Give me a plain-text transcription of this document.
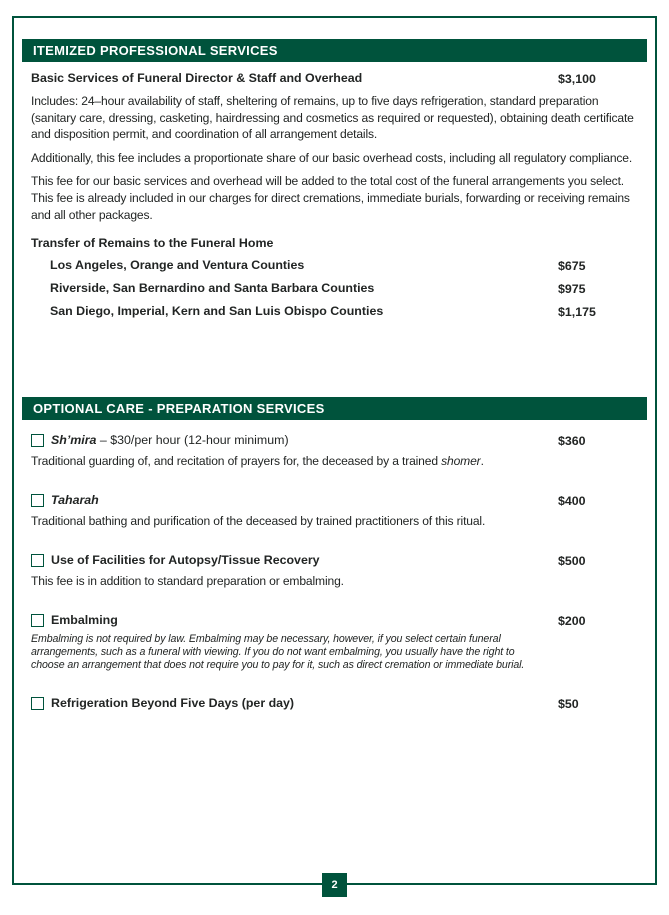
ITEMIZED PROFESSIONAL SERVICES
Basic Services of Funeral Director & Staff and Overhead	$3,100

Includes: 24–hour availability of staff, sheltering of remains, up to five days refrigeration, standard preparation (sanitary care, dressing, casketing, hairdressing and cosmetics as required or requested), obtaining death certificate and disposition permit, and coordination of all arrangement details.

Additionally, this fee includes a proportionate share of our basic overhead costs, including all regulatory compliance.

This fee for our basic services and overhead will be added to the total cost of the funeral arrangements you select. This fee is already included in our charges for direct cremations, immediate burials, forwarding or receiving remains and all other packages.

Transfer of Remains to the Funeral Home
Los Angeles, Orange and Ventura Counties	$675
Riverside, San Bernardino and Santa Barbara Counties	$975
San Diego, Imperial, Kern and San Luis Obispo Counties	$1,175
OPTIONAL CARE - PREPARATION SERVICES
Sh’mira – $30/per hour (12-hour minimum)	$360

Traditional guarding of, and recitation of prayers for, the deceased by a trained shomer.

Taharah	$400

Traditional bathing and purification of the deceased by trained practitioners of this ritual.

Use of Facilities for Autopsy/Tissue Recovery	$500

This fee is in addition to standard preparation or embalming.

Embalming	$200

Embalming is not required by law. Embalming may be necessary, however, if you select certain funeral arrangements, such as a funeral with viewing. If you do not want embalming, you usually have the right to choose an arrangement that does not require you to pay for it, such as direct cremation or immediate burial.

Refrigeration Beyond Five Days (per day)	$50
2
